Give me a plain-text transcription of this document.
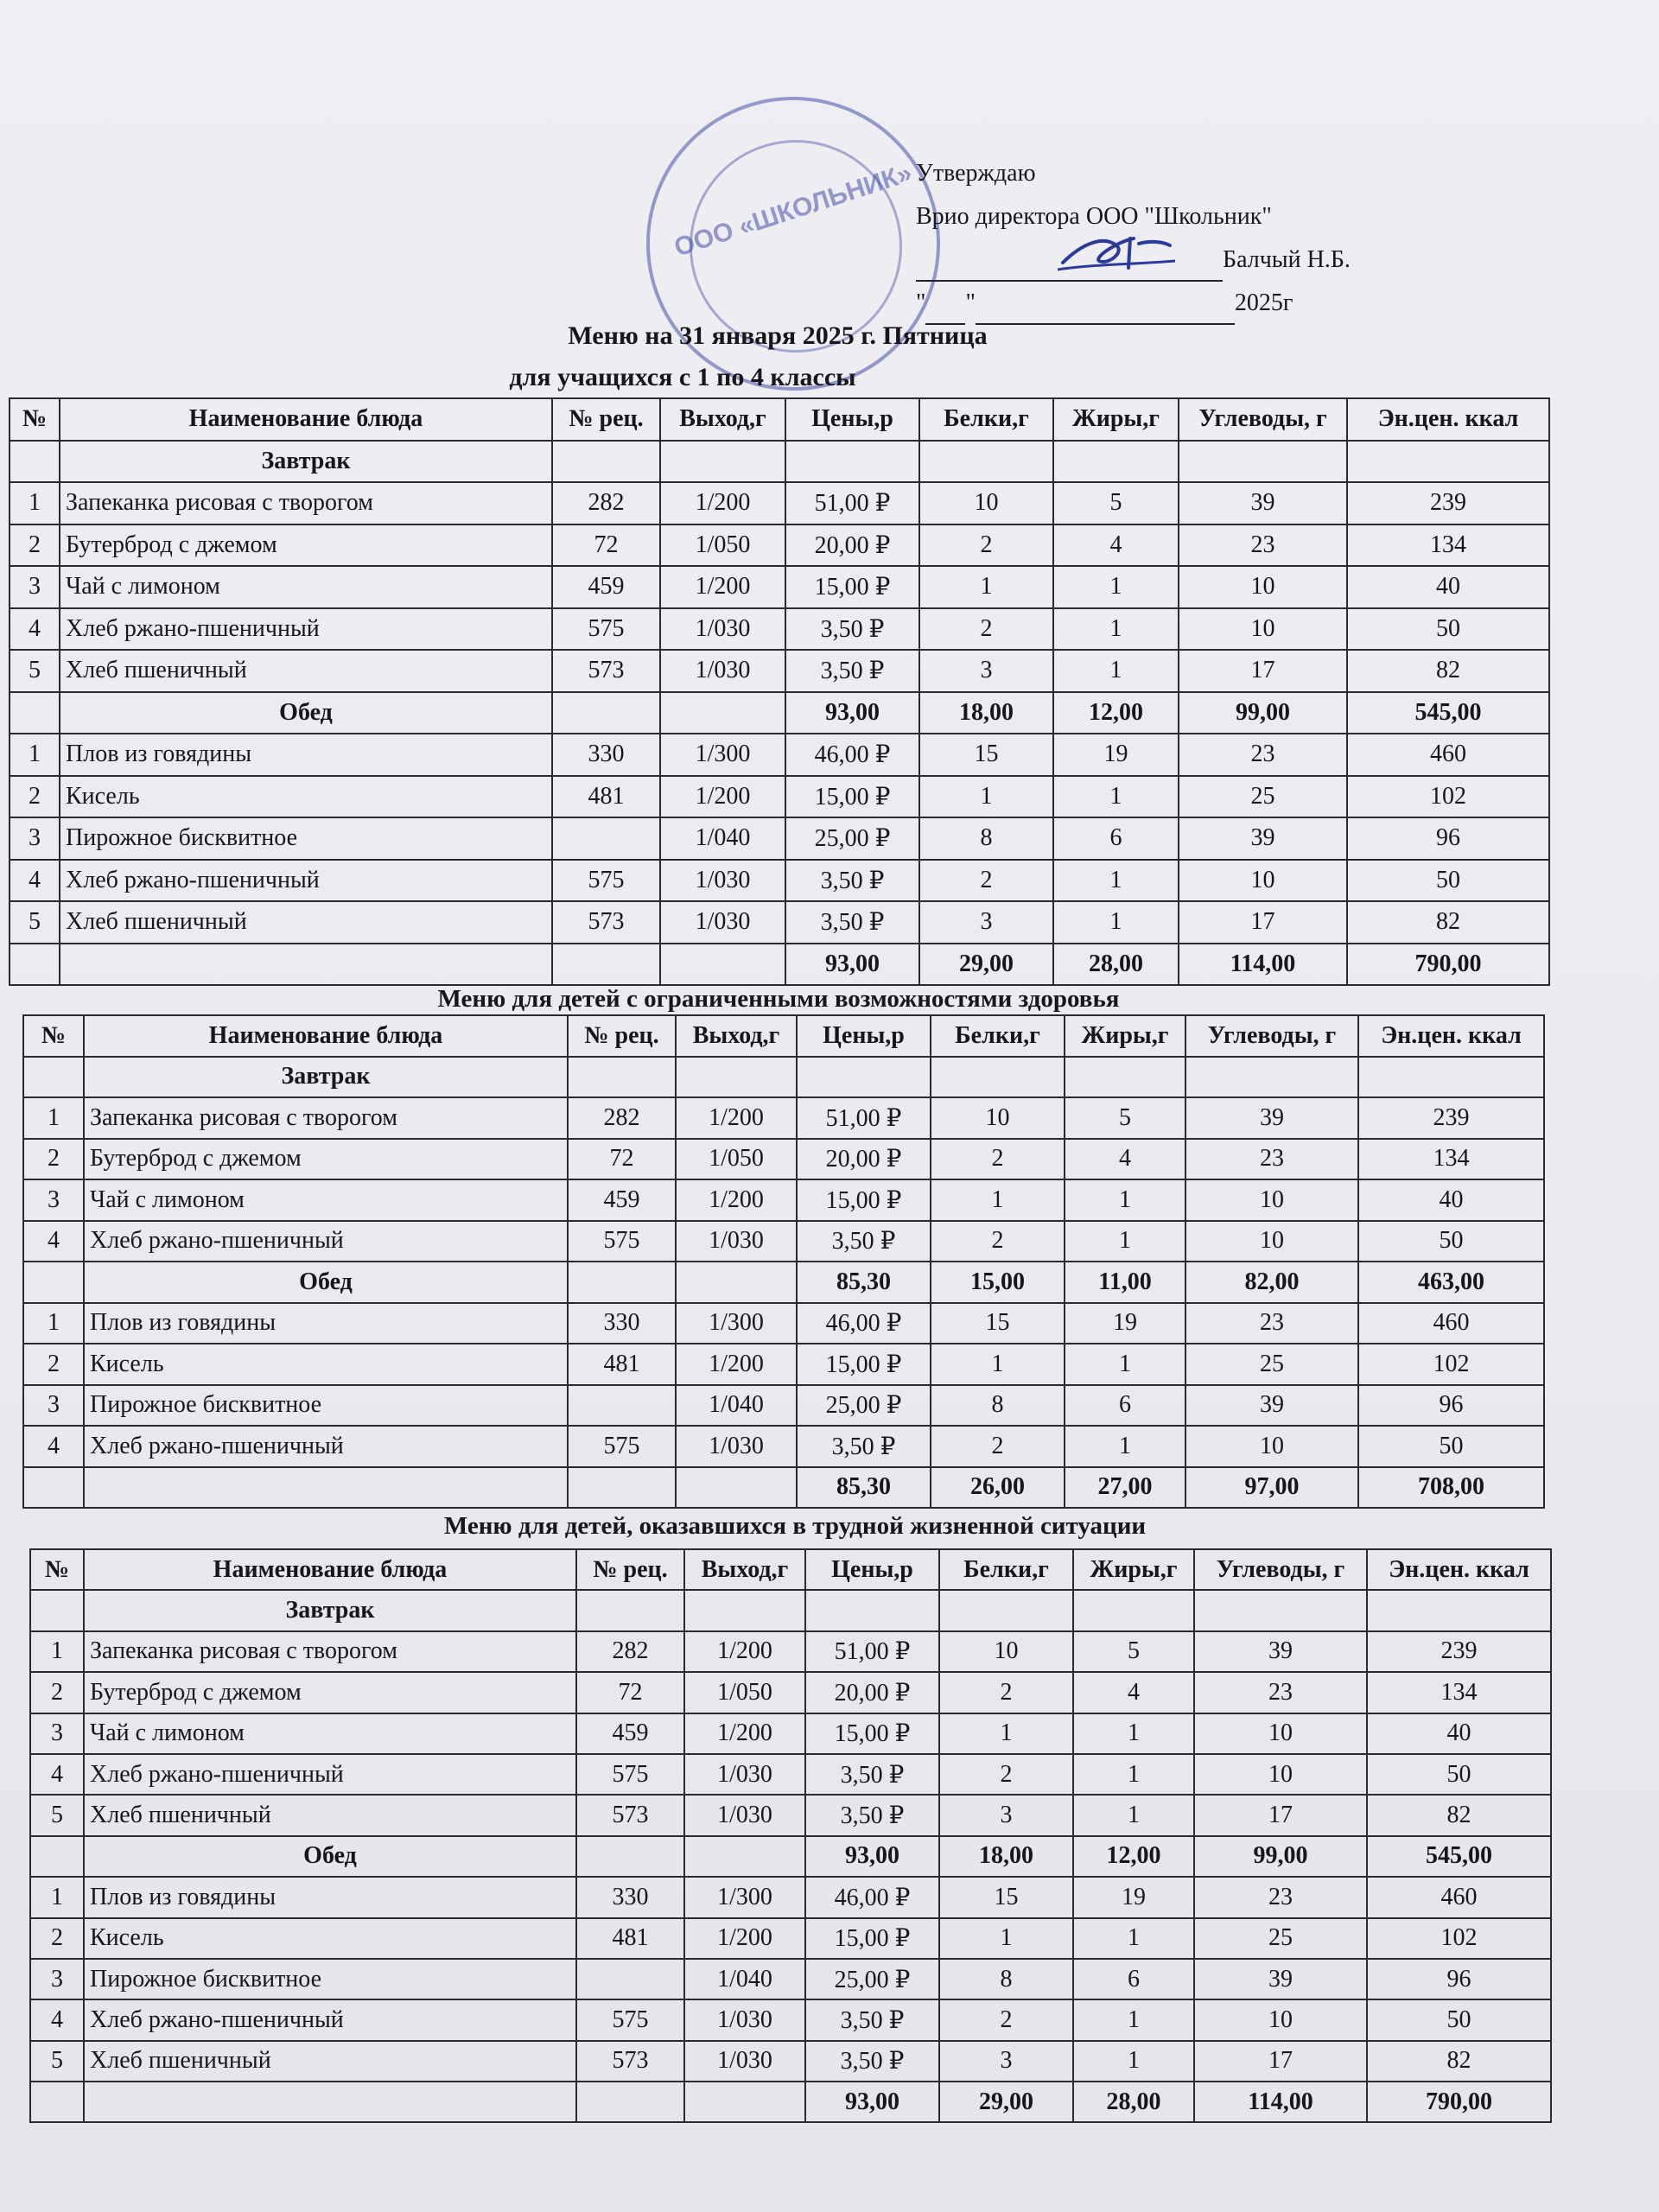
ООО «ШКОЛЬНИК» Утверждаю
Врио директора ООО "Школьник"
Балчый Н.Б.
" "	2025г
Меню на 31 января 2025 г. Пятница
для учащихся с 1 по 4 классы
№	Наименование блюда	№ рец.	Выход,г	Цены,р	Белки,г	Жиры,г	Углеводы, г	Эн.цен. ккал
	Завтрак							
1	Запеканка рисовая с творогом	282	1/200	51,00 ₽	10	5	39	239
2	Бутерброд с джемом	72	1/050	20,00 ₽	2	4	23	134
3	Чай с лимоном	459	1/200	15,00 ₽	1	1	10	40
4	Хлеб ржано-пшеничный	575	1/030	3,50 ₽	2	1	10	50
5	Хлеб пшеничный	573	1/030	3,50 ₽	3	1	17	82
	Обед			93,00	18,00	12,00	99,00	545,00
1	Плов из говядины	330	1/300	46,00 ₽	15	19	23	460
2	Кисель	481	1/200	15,00 ₽	1	1	25	102
3	Пирожное бисквитное		1/040	25,00 ₽	8	6	39	96
4	Хлеб ржано-пшеничный	575	1/030	3,50 ₽	2	1	10	50
5	Хлеб пшеничный	573	1/030	3,50 ₽	3	1	17	82
				93,00	29,00	28,00	114,00	790,00
Меню для детей с ограниченными возможностями здоровья
№	Наименование блюда	№ рец.	Выход,г	Цены,р	Белки,г	Жиры,г	Углеводы, г	Эн.цен. ккал
	Завтрак							
1	Запеканка рисовая с творогом	282	1/200	51,00 ₽	10	5	39	239
2	Бутерброд с джемом	72	1/050	20,00 ₽	2	4	23	134
3	Чай с лимоном	459	1/200	15,00 ₽	1	1	10	40
4	Хлеб ржано-пшеничный	575	1/030	3,50 ₽	2	1	10	50
	Обед			85,30	15,00	11,00	82,00	463,00
1	Плов из говядины	330	1/300	46,00 ₽	15	19	23	460
2	Кисель	481	1/200	15,00 ₽	1	1	25	102
3	Пирожное бисквитное		1/040	25,00 ₽	8	6	39	96
4	Хлеб ржано-пшеничный	575	1/030	3,50 ₽	2	1	10	50
				85,30	26,00	27,00	97,00	708,00
Меню для детей, оказавшихся в трудной жизненной ситуации
№	Наименование блюда	№ рец.	Выход,г	Цены,р	Белки,г	Жиры,г	Углеводы, г	Эн.цен. ккал
	Завтрак							
1	Запеканка рисовая с творогом	282	1/200	51,00 ₽	10	5	39	239
2	Бутерброд с джемом	72	1/050	20,00 ₽	2	4	23	134
3	Чай с лимоном	459	1/200	15,00 ₽	1	1	10	40
4	Хлеб ржано-пшеничный	575	1/030	3,50 ₽	2	1	10	50
5	Хлеб пшеничный	573	1/030	3,50 ₽	3	1	17	82
	Обед			93,00	18,00	12,00	99,00	545,00
1	Плов из говядины	330	1/300	46,00 ₽	15	19	23	460
2	Кисель	481	1/200	15,00 ₽	1	1	25	102
3	Пирожное бисквитное		1/040	25,00 ₽	8	6	39	96
4	Хлеб ржано-пшеничный	575	1/030	3,50 ₽	2	1	10	50
5	Хлеб пшеничный	573	1/030	3,50 ₽	3	1	17	82
				93,00	29,00	28,00	114,00	790,00
